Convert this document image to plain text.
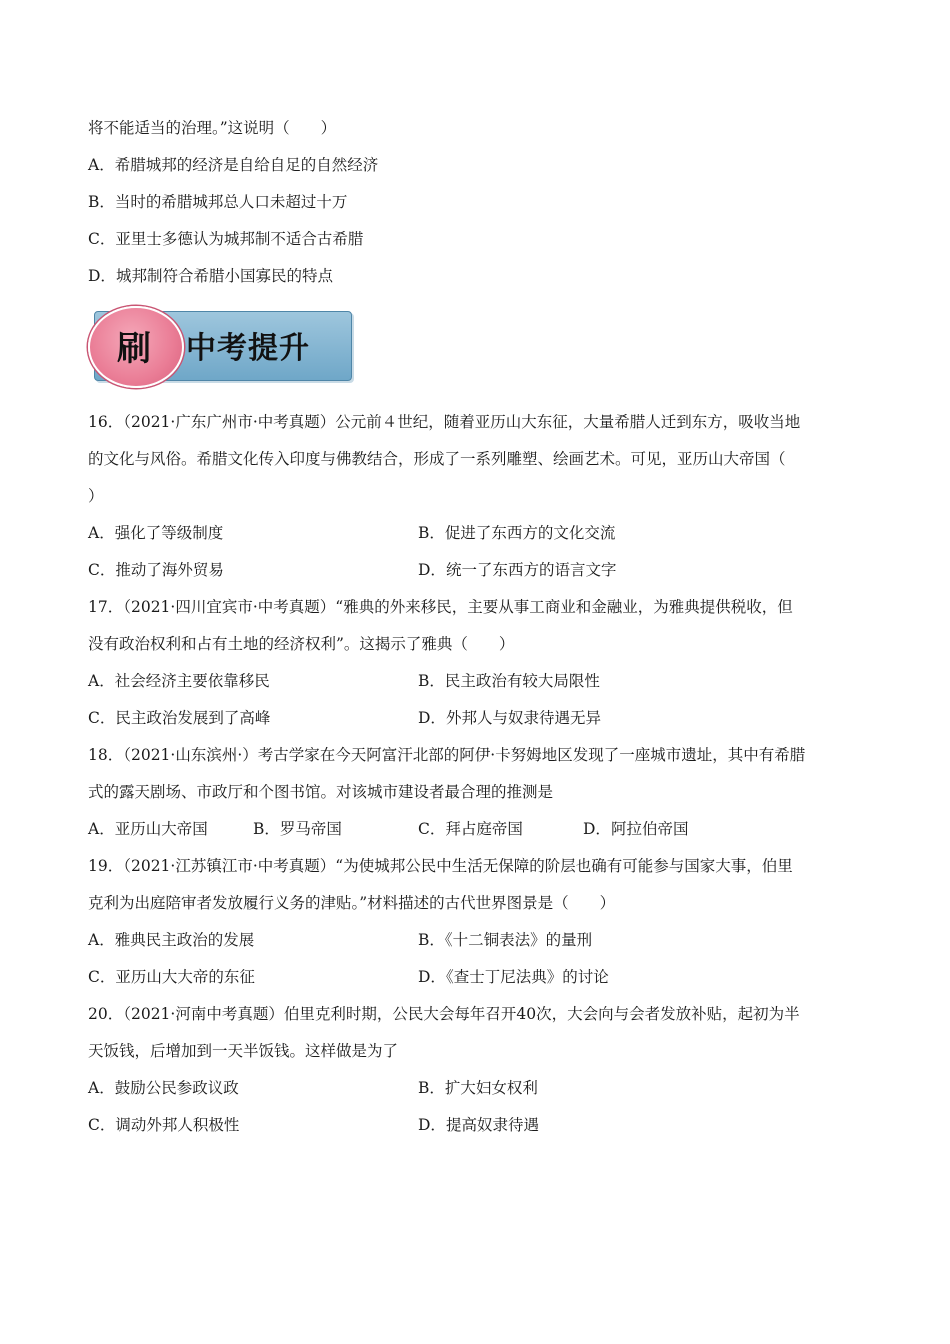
将不能适当的治理。”这说明（　　）
A．希腊城邦的经济是自给自足的自然经济
B．当时的希腊城邦总人口未超过十万
C．亚里士多德认为城邦制不适合古希腊
D．城邦制符合希腊小国寡民的特点
刷	中考提升
16．（2021·广东广州市·中考真题）公元前４世纪，随着亚历山大东征，大量希腊人迁到东方，吸收当地
的文化与风俗。希腊文化传入印度与佛教结合，形成了一系列雕塑、绘画艺术。可见，亚历山大帝国（
）
A．强化了等级制度	B．促进了东西方的文化交流
C．推动了海外贸易	D．统一了东西方的语言文字
17．（2021·四川宜宾市·中考真题）“雅典的外来移民，主要从事工商业和金融业，为雅典提供税收，但
没有政治权利和占有土地的经济权利”。这揭示了雅典（　　）
A．社会经济主要依靠移民	B．民主政治有较大局限性
C．民主政治发展到了高峰	D．外邦人与奴隶待遇无异
18．（2021·山东滨州·）考古学家在今天阿富汗北部的阿伊·卡努姆地区发现了一座城市遗址，其中有希腊
式的露天剧场、市政厅和个图书馆。对该城市建设者最合理的推测是
A．亚历山大帝国	B．罗马帝国	C．拜占庭帝国	D．阿拉伯帝国
19．（2021·江苏镇江市·中考真题）“为使城邦公民中生活无保障的阶层也确有可能参与国家大事，伯里
克利为出庭陪审者发放履行义务的津贴。”材料描述的古代世界图景是（　　）
A．雅典民主政治的发展	B．《十二铜表法》的量刑
C．亚历山大大帝的东征	D．《查士丁尼法典》的讨论
20．（2021·河南中考真题）伯里克利时期，公民大会每年召开40次，大会向与会者发放补贴，起初为半
天饭钱，后增加到一天半饭钱。这样做是为了
A．鼓励公民参政议政	B．扩大妇女权利
C．调动外邦人积极性	D．提高奴隶待遇
